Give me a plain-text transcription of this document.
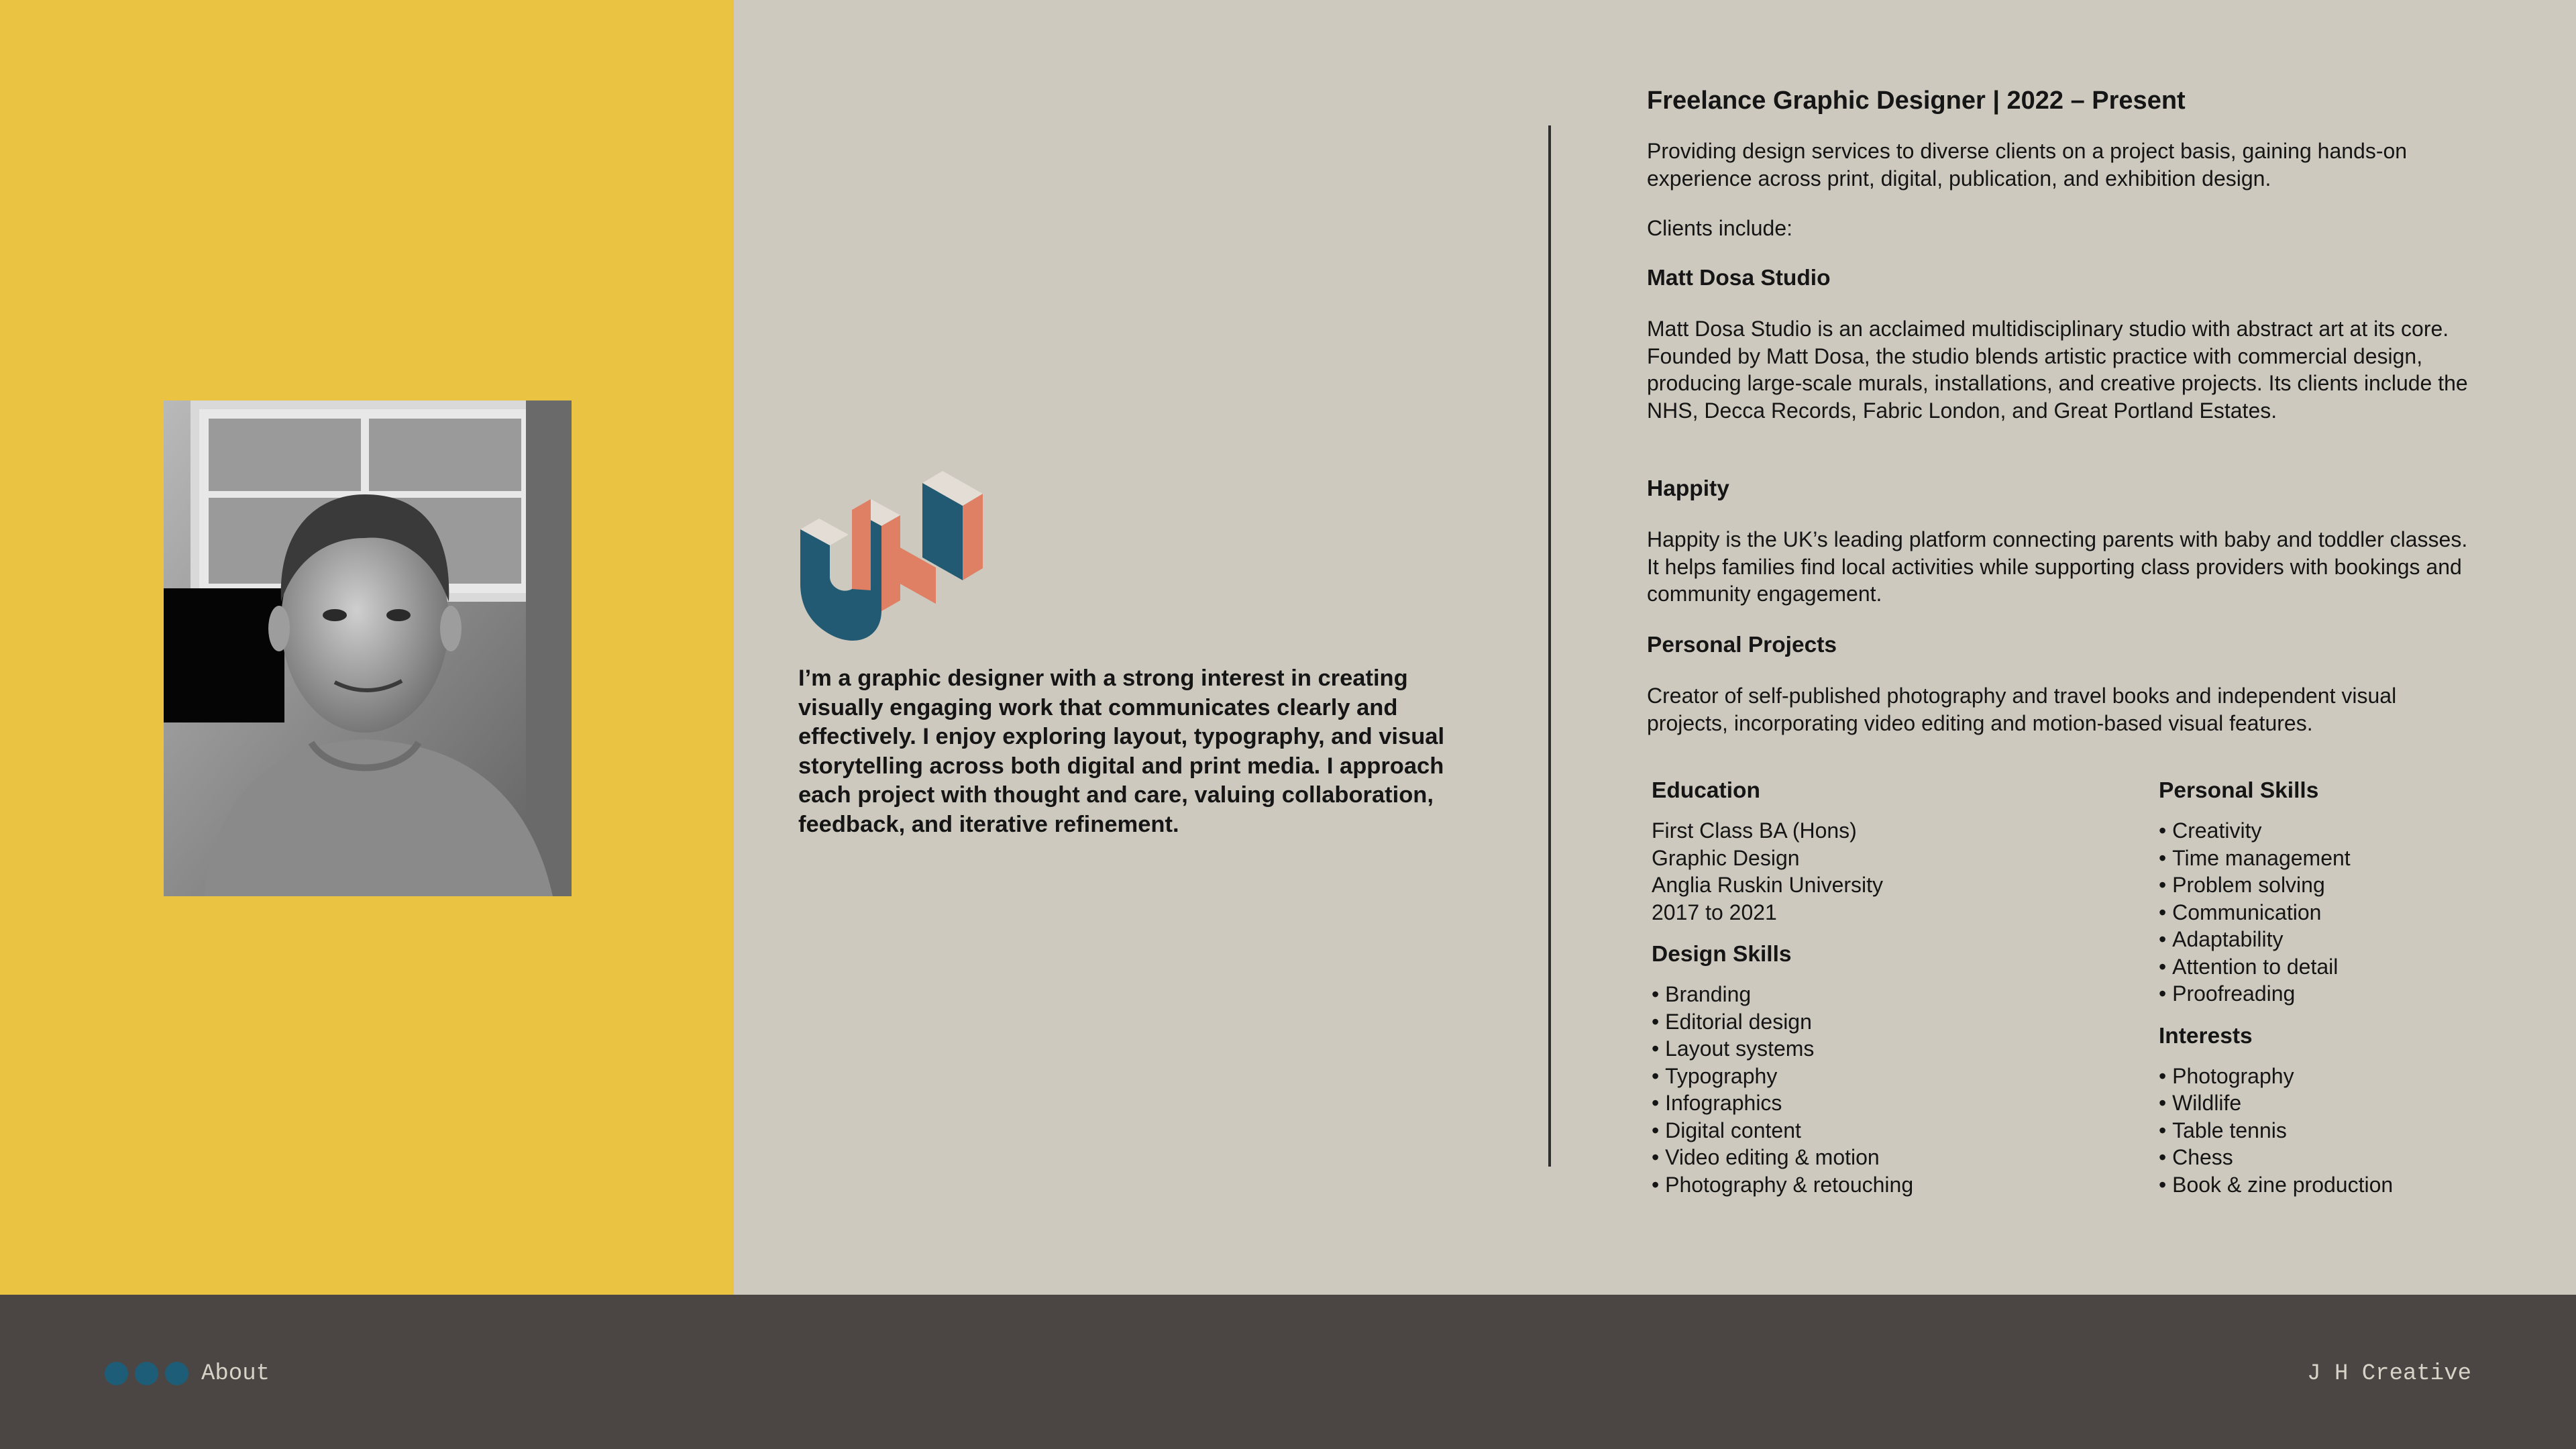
I’m a graphic designer with a strong interest in creating visually engaging work that communicates clearly and effectively. I enjoy exploring layout, typography, and visual storytelling across both digital and print media. I approach each project with thought and care, valuing collaboration, feedback, and iterative refinement.

Freelance Graphic Designer | 2022 – Present

Providing design services to diverse clients on a project basis, gaining hands-on experience across print, digital, publication, and exhibition design.

Clients include:

Matt Dosa Studio

Matt Dosa Studio is an acclaimed multidisciplinary studio with abstract art at its core. Founded by Matt Dosa, the studio blends artistic practice with commercial design, producing large-scale murals, installations, and creative projects. Its clients include the NHS, Decca Records, Fabric London, and Great Portland Estates.

Happity

Happity is the UK’s leading platform connecting parents with baby and toddler classes. It helps families find local activities while supporting class providers with bookings and community engagement.

Personal Projects

Creator of self-published photography and travel books and independent visual projects, incorporating video editing and motion-based visual features.

Education
First Class BA (Hons)
Graphic Design
Anglia Ruskin University
2017 to 2021
Design Skills
• Branding
• Editorial design
• Layout systems
• Typography
• Infographics
• Digital content
• Video editing & motion
• Photography & retouching
Personal Skills
• Creativity
• Time management
• Problem solving
• Communication
• Adaptability
• Attention to detail
• Proofreading
Interests
• Photography
• Wildlife
• Table tennis
• Chess
• Book & zine production
About	J H Creative
